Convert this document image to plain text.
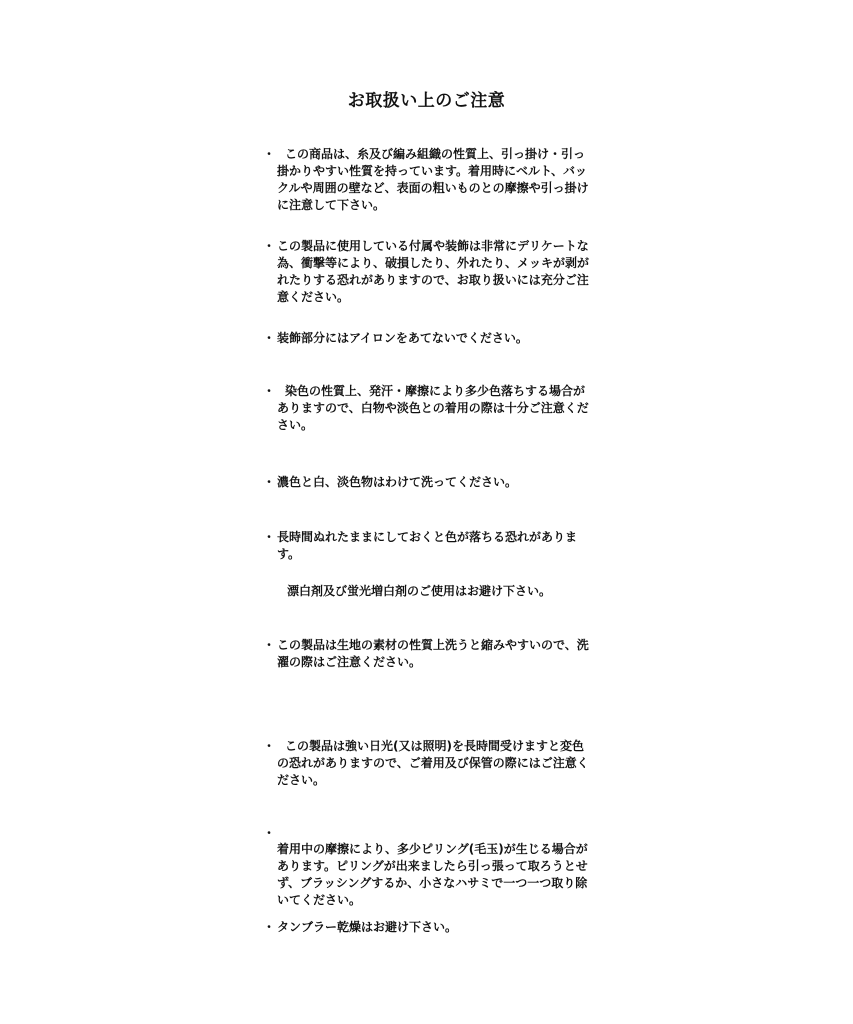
お取扱い上のご注意
・ この商品は、糸及び編み組織の性質上、引っ掛け・引っ掛かりやすい性質を持っています。着用時にベルト、バックルや周囲の壁など、表面の粗いものとの摩擦や引っ掛けに注意して下さい。
・ この製品に使用している付属や装飾は非常にデリケートな為、衝撃等により、破損したり、外れたり、メッキが剥がれたりする恐れがありますので、お取り扱いには充分ご注意ください。
・ 装飾部分にはアイロンをあてないでください。
・ 染色の性質上、発汗・摩擦により多少色落ちする場合がありますので、白物や淡色との着用の際は十分ご注意ください。
・ 濃色と白、淡色物はわけて洗ってください。
・ 長時間ぬれたままにしておくと色が落ちる恐れがあります。
漂白剤及び蛍光増白剤のご使用はお避け下さい。
・ この製品は生地の素材の性質上洗うと縮みやすいので、洗濯の際はご注意ください。
・ この製品は強い日光(又は照明)を長時間受けますと変色の恐れがありますので、ご着用及び保管の際にはご注意ください。
・
着用中の摩擦により、多少ピリング(毛玉)が生じる場合があります。ピリングが出来ましたら引っ張って取ろうとせず、ブラッシングするか、小さなハサミで一つ一つ取り除いてください。
・ タンブラー乾燥はお避け下さい。
